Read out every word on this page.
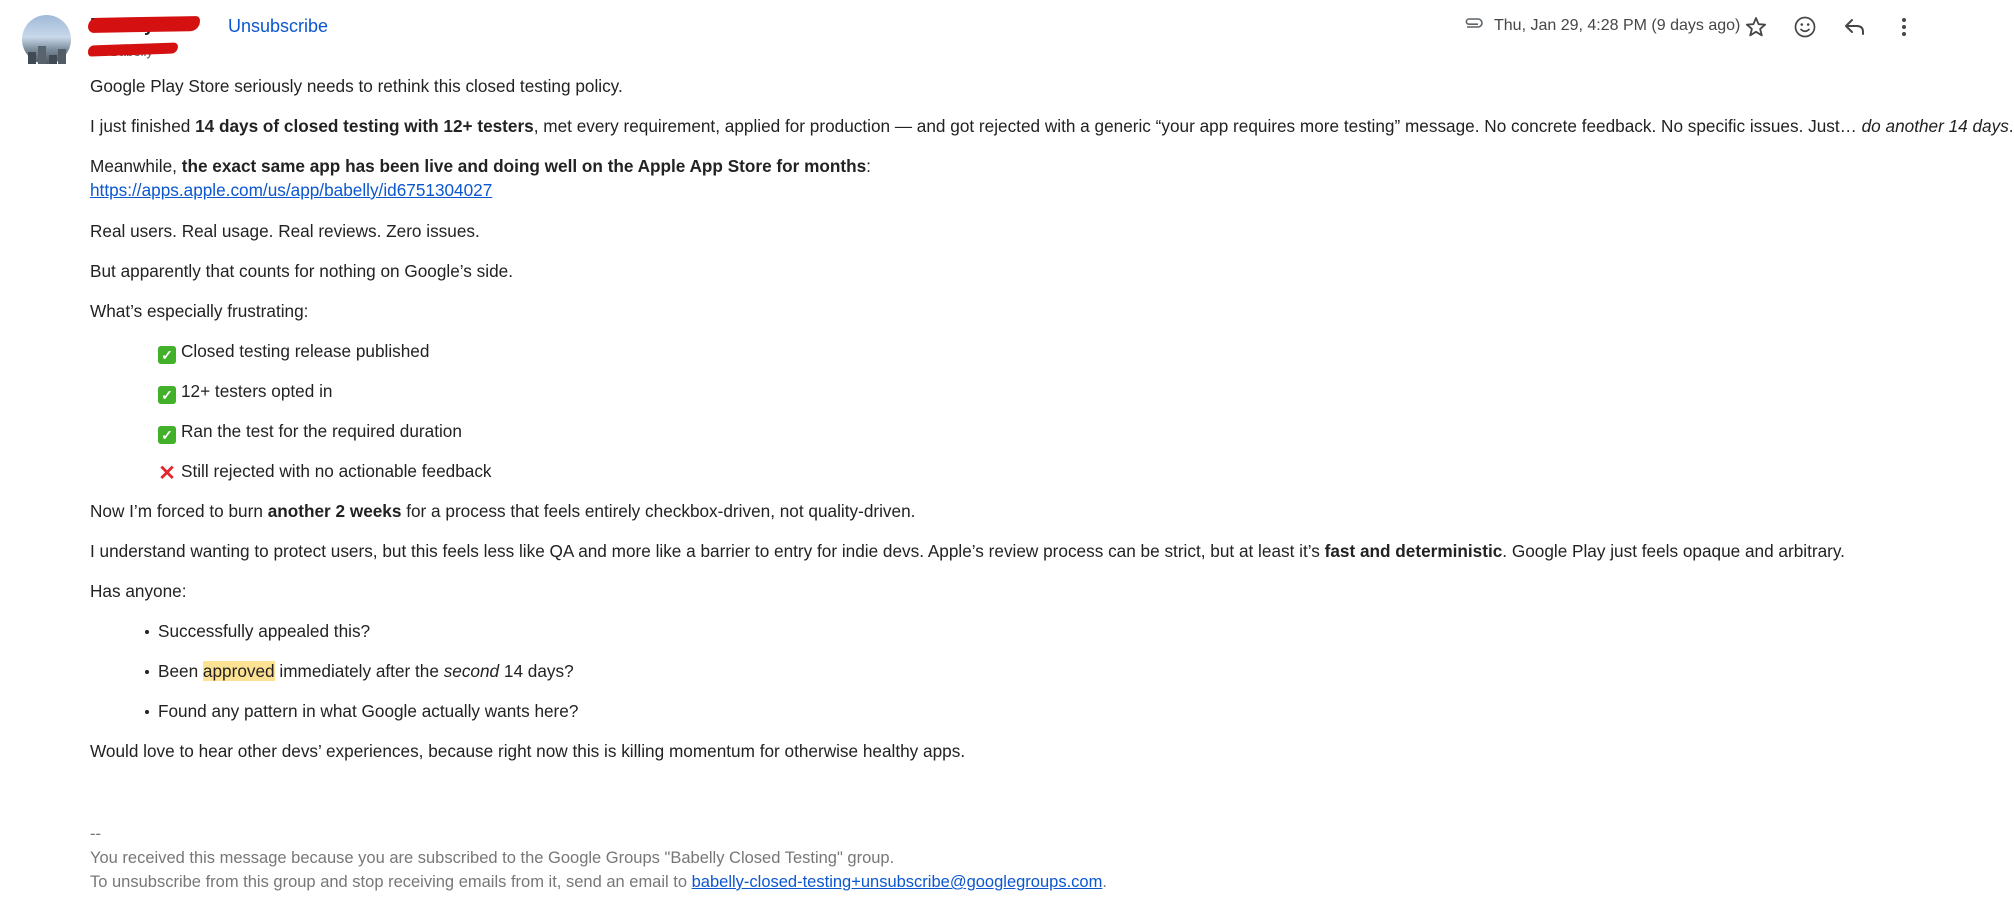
Unsubscribe	Thu, Jan 29, 4:28 PM (9 days ago)

Google Play Store seriously needs to rethink this closed testing policy.

I just finished 14 days of closed testing with 12+ testers, met every requirement, applied for production — and got rejected with a generic “your app requires more testing” message. No concrete feedback. No specific issues. Just… do another 14 days.

Meanwhile, the exact same app has been live and doing well on the Apple App Store for months:

https://apps.apple.com/us/app/babelly/id6751304027

Real users. Real usage. Real reviews. Zero issues.

But apparently that counts for nothing on Google’s side.

What’s especially frustrating:

✓ Closed testing release published
✓ 12+ testers opted in
✓ Ran the test for the required duration
✕ Still rejected with no actionable feedback

Now I’m forced to burn another 2 weeks for a process that feels entirely checkbox-driven, not quality-driven.

I understand wanting to protect users, but this feels less like QA and more like a barrier to entry for indie devs. Apple’s review process can be strict, but at least it’s fast and deterministic. Google Play just feels opaque and arbitrary.

Has anyone:

Successfully appealed this?
Been approved immediately after the second 14 days?
Found any pattern in what Google actually wants here?

Would love to hear other devs’ experiences, because right now this is killing momentum for otherwise healthy apps.

--
You received this message because you are subscribed to the Google Groups "Babelly Closed Testing" group.
To unsubscribe from this group and stop receiving emails from it, send an email to babelly-closed-testing+unsubscribe@googlegroups.com.
